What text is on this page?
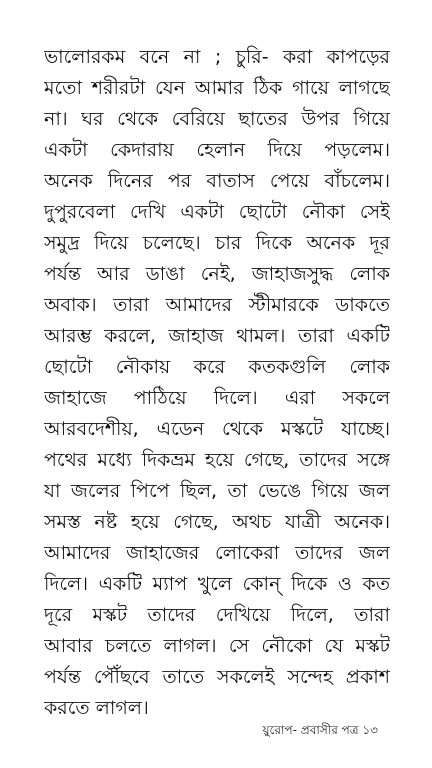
ভালোরকম বনে না ; চুরি- করা কাপড়ের
মতো শরীরটা যেন আমার ঠিক গায়ে লাগছে
না। ঘর থেকে বেরিয়ে ছাতের উপর গিয়ে
একটা কেদারায় হেলান দিয়ে পড়লেম।
অনেক দিনের পর বাতাস পেয়ে বাঁচলেম।
দুপুরবেলা দেখি একটা ছোটো নৌকা সেই
সমুদ্র দিয়ে চলেছে। চার দিকে অনেক দূর
পর্যন্ত আর ডাঙা নেই, জাহাজসুদ্ধ লোক
অবাক। তারা আমাদের স্টীমারকে ডাকতে
আরম্ভ করলে, জাহাজ থামল। তারা একটি
ছোটো নৌকায় করে কতকগুলি লোক
জাহাজে পাঠিয়ে দিলে। এরা সকলে
আরবদেশীয়, এডেন থেকে মস্কটে যাচ্ছে।
পথের মধ্যে দিকভ্রম হয়ে গেছে, তাদের সঙ্গে
যা জলের পিপে ছিল, তা ভেঙে গিয়ে জল
সমস্ত নষ্ট হয়ে গেছে, অথচ যাত্রী অনেক।
আমাদের জাহাজের লোকেরা তাদের জল
দিলে। একটি ম্যাপ খুলে কোন্‌ দিকে ও কত
দূরে মস্কট তাদের দেখিয়ে দিলে, তারা
আবার চলতে লাগল। সে নৌকো যে মস্কট
পর্যন্ত পৌঁছবে তাতে সকলেই সন্দেহ প্রকাশ
করতে লাগল।
য়ুরোপ- প্রবাসীর পত্র ১৩
